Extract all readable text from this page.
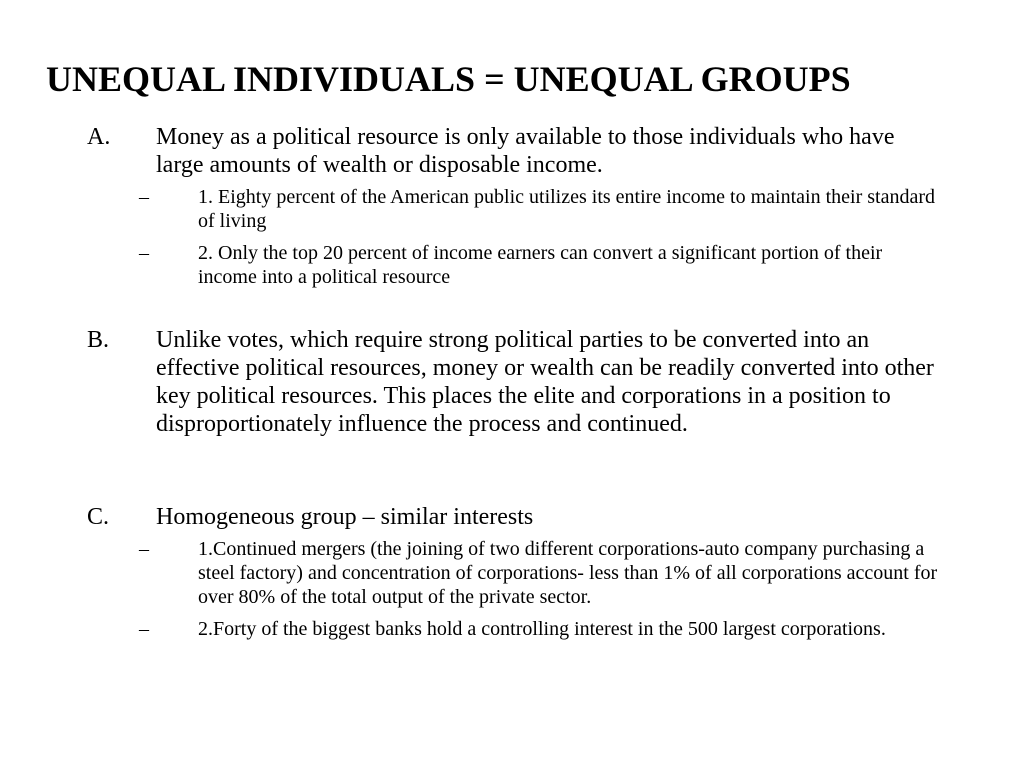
UNEQUAL INDIVIDUALS = UNEQUAL GROUPS
A. Money as a political resource is only available to those individuals who have large amounts of wealth or disposable income.
– 1. Eighty percent of the American public utilizes its entire income to maintain their standard of living
– 2. Only the top 20 percent of income earners can convert a significant portion of their income into a political resource
B. Unlike votes, which require strong political parties to be converted into an effective political resources, money or wealth can be readily converted into other key political resources. This places the elite and corporations in a position to disproportionately influence the process and continued.
C. Homogeneous group – similar interests
– 1.Continued mergers (the joining of two different corporations-auto company purchasing a steel factory) and concentration of corporations- less than 1% of all corporations account for over 80% of the total output of the private sector.
– 2.Forty of the biggest banks hold a controlling interest in the 500 largest corporations.
